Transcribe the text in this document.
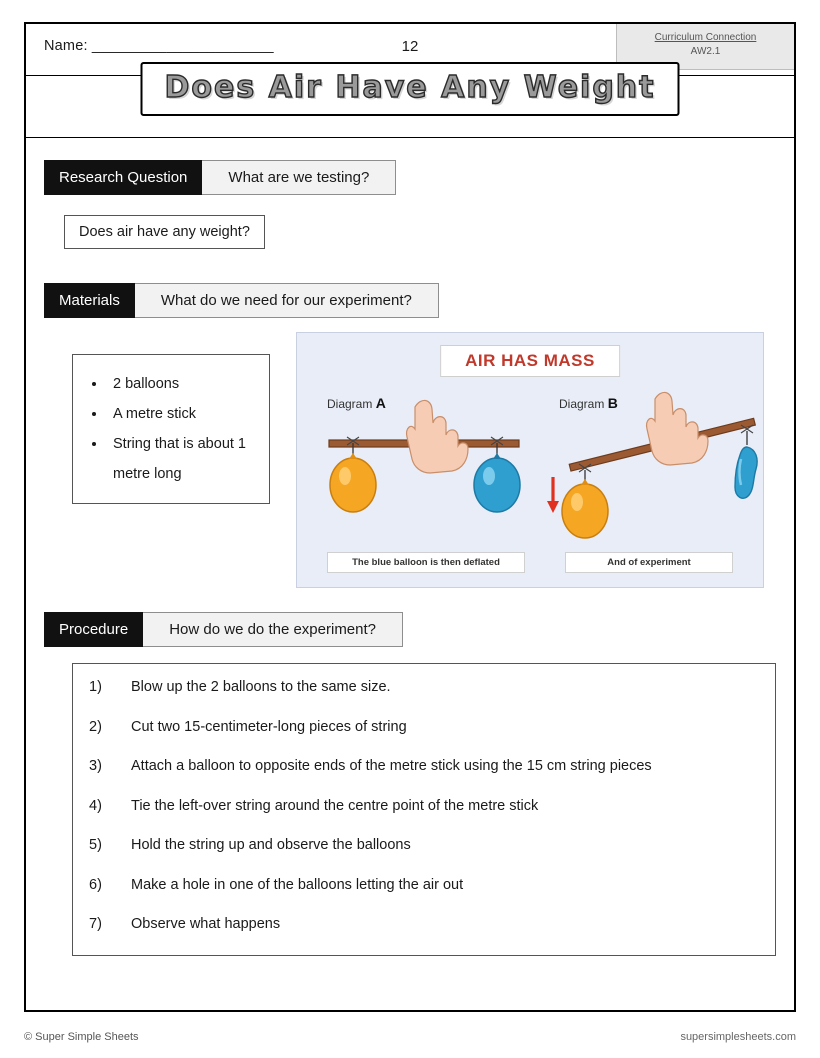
Name: ______________________	12
Curriculum Connection
AW2.1
Does Air Have Any Weight
Research Question	What are we testing?
Does air have any weight?
Materials	What do we need for our experiment?
• 2 balloons
• A metre stick
• String that is about 1 metre long
AIR HAS MASS
Diagram A	Diagram B
The blue balloon is then deflated	And of experiment
Procedure	How do we do the experiment?
1)	Blow up the 2 balloons to the same size.
2)	Cut two 15-centimeter-long pieces of string
3)	Attach a balloon to opposite ends of the metre stick using the 15 cm string pieces
4)	Tie the left-over string around the centre point of the metre stick
5)	Hold the string up and observe the balloons
6)	Make a hole in one of the balloons letting the air out
7)	Observe what happens
© Super Simple Sheets	supersimplesheets.com
